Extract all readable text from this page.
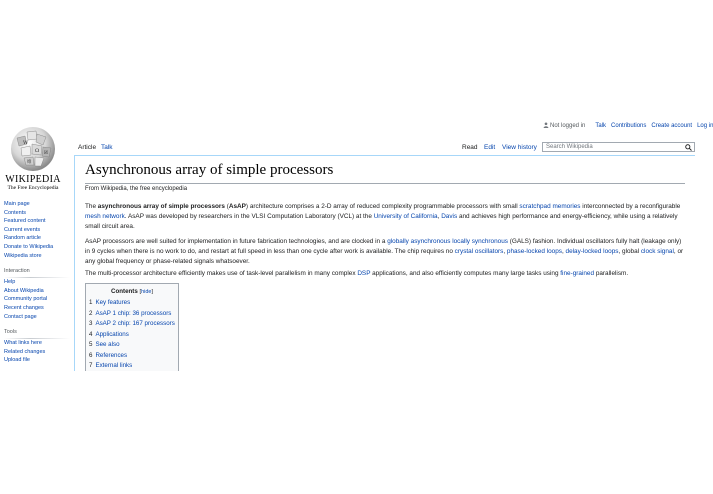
Not logged in Talk Contributions Create account Log in
W
Ω
維
И
WIKIPEDIA
The Free Encyclopedia
Article Talk	Read Edit View history Search Wikipedia
Main page
Contents
Featured content
Current events
Random article
Donate to Wikipedia
Wikipedia store
Interaction
Help
About Wikipedia
Community portal
Recent changes
Contact page
Tools
What links here
Related changes
Upload file
Asynchronous array of simple processors
From Wikipedia, the free encyclopedia

The asynchronous array of simple processors (AsAP) architecture comprises a 2-D array of reduced complexity programmable processors with small scratchpad memories interconnected by a reconfigurable mesh network. AsAP was developed by researchers in the VLSI Computation Laboratory (VCL) at the University of California, Davis and achieves high performance and energy-efficiency, while using a relatively small circuit area.

AsAP processors are well suited for implementation in future fabrication technologies, and are clocked in a globally asynchronous locally synchronous (GALS) fashion. Individual oscillators fully halt (leakage only) in 9 cycles when there is no work to do, and restart at full speed in less than one cycle after work is available. The chip requires no crystal oscillators, phase-locked loops, delay-locked loops, global clock signal, or any global frequency or phase-related signals whatsoever.

The multi-processor architecture efficiently makes use of task-level parallelism in many complex DSP applications, and also efficiently computes many large tasks using fine-grained parallelism.

Contents [hide]
1 Key features
2 AsAP 1 chip: 36 processors
3 AsAP 2 chip: 167 processors
4 Applications
5 See also
6 References
7 External links
